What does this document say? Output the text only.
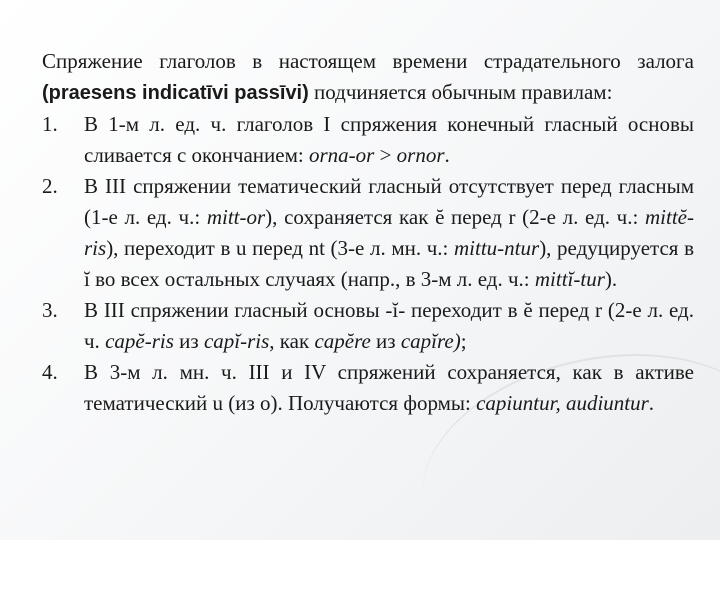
Спряжение глаголов в настоящем времени страдательного залога (praesens indicatīvi passīvi) подчиняется обычным правилам:

1.	В 1-м л. ед. ч. глаголов I спряжения конечный гласный основы сливается с окончанием: orna-or > ornor.
2.	В III спряжении тематический гласный отсутствует перед гласным (1-е л. ед. ч.: mitt-or), сохраняется как ĕ перед r (2-е л. ед. ч.: mittĕ-ris), переходит в u перед nt (3-е л. мн. ч.: mittu-ntur), редуцируется в ĭ во всех остальных случаях (напр., в 3-м л. ед. ч.: mittĭ-tur).
3.	В III спряжении гласный основы -ĭ- переходит в ĕ перед r (2-е л. ед. ч. capĕ-ris из capĭ-ris, как capĕre из capĭre);
4.	В 3-м л. мн. ч. III и IV спряжений сохраняется, как в активе тематический u (из o). Получаются формы: capiuntur, audiuntur.
